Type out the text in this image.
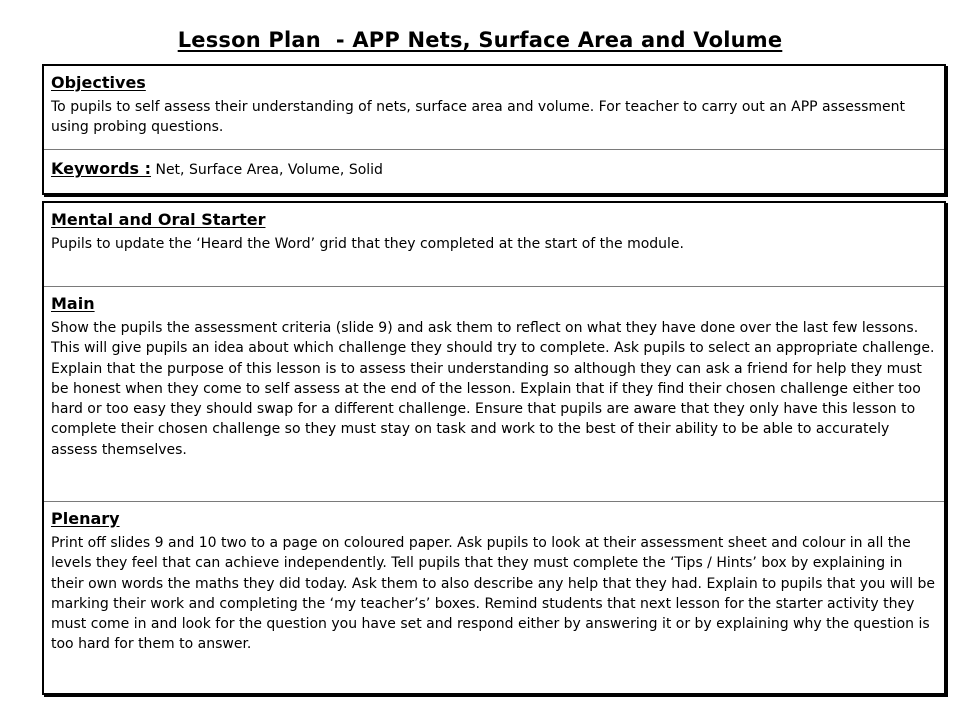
Lesson Plan  - APP Nets, Surface Area and Volume
Objectives

To pupils to self assess their understanding of nets, surface area and volume. For teacher to carry out an APP assessment using probing questions.

Keywords : Net, Surface Area, Volume, Solid
Mental and Oral Starter

Pupils to update the ‘Heard the Word’ grid that they completed at the start of the module.

Main

Show the pupils the assessment criteria (slide 9) and ask them to reflect on what they have done over the last few lessons. This will give pupils an idea about which challenge they should try to complete. Ask pupils to select an appropriate challenge. Explain that the purpose of this lesson is to assess their understanding so although they can ask a friend for help they must be honest when they come to self assess at the end of the lesson. Explain that if they find their chosen challenge either too hard or too easy they should swap for a different challenge. Ensure that pupils are aware that they only have this lesson to complete their chosen challenge so they must stay on task and work to the best of their ability to be able to accurately assess themselves.

Plenary

Print off slides 9 and 10 two to a page on coloured paper. Ask pupils to look at their assessment sheet and colour in all the levels they feel that can achieve independently. Tell pupils that they must complete the ‘Tips / Hints’ box by explaining in their own words the maths they did today. Ask them to also describe any help that they had. Explain to pupils that you will be marking their work and completing the ‘my teacher’s’ boxes. Remind students that next lesson for the starter activity they must come in and look for the question you have set and respond either by answering it or by explaining why the question is too hard for them to answer.
